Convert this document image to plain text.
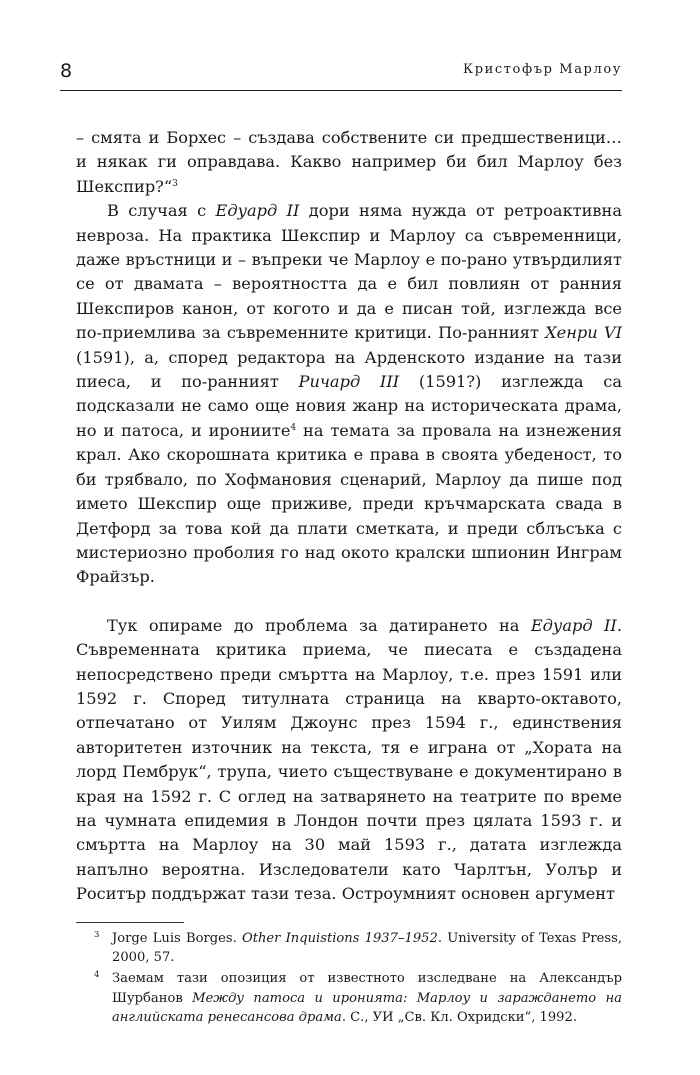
8	Кристофър Марлоу

– смята и Борхес – създава собствените си предшественици… и някак ги оправдава. Какво например би бил Марлоу без Шекспир?“$^3$

В случая с Едуард II дори няма нужда от ретроактивна невроза. На практика Шекспир и Марлоу са съвременници, даже връстници и – въпреки че Марлоу е по-рано утвърдилият се от двамата – вероятността да е бил повлиян от ранния Шекспиров канон, от когото и да е писан той, изглежда все по-приемлива за съвременните критици. По-ранният Хенри VI (1591), а, според редактора на Арденското издание на тази пиеса, и по-ранният Ричард III (1591?) изглежда са подсказали не само още новия жанр на историческата драма, но и патоса, и ирониите$^4$ на темата за провала на изнежения крал. Ако скорошната критика е права в своята убеденост, то би трябвало, по Хофмановия сценарий, Марлоу да пише под името Шекспир още приживе, преди кръчмарската свада в Детфорд за това кой да плати сметката, и преди сблъсъка с мистериозно проболия го над окото кралски шпионин Инграм Фрайзър.

Тук опираме до проблема за датирането на Едуард II. Съвременната критика приема, че пиесата е създадена непосредствено преди смъртта на Марлоу, т.е. през 1591 или 1592 г. Според титулната страница на кварто-октавото, отпечатано от Уилям Джоунс през 1594 г., единствения авторитетен източник на текста, тя е играна от „Хората на лорд Пембрук“, трупа, чието съществуване е документирано в края на 1592 г. С оглед на затварянето на театрите по време на чумната епидемия в Лондон почти през цялата 1593 г. и смъртта на Марлоу на 30 май 1593 г., датата изглежда напълно вероятна. Изследователи като Чарлтън, Уолър и Роситър поддържат тази теза. Остроумният основен аргумент

3 Jorge Luis Borges. Other Inquistions 1937–1952. University of Texas Press, 2000, 57.
4 Заемам тази опозиция от известното изследване на Александър Шурбанов Между патоса и иронията: Марлоу и зараждането на английската ренесансова драма. С., УИ „Св. Кл. Охридски“, 1992.
